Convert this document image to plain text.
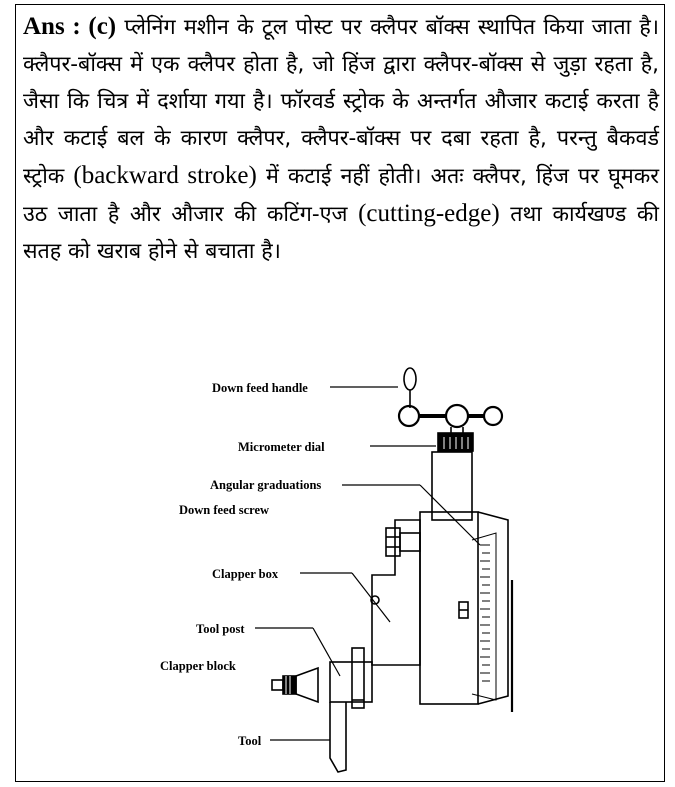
Ans : (c) प्लेनिंग मशीन के टूल पोस्ट पर क्लैपर बॉक्स स्थापित किया जाता है। क्लैपर-बॉक्स में एक क्लैपर होता है, जो हिंज द्वारा क्लैपर-बॉक्स से जुड़ा रहता है, जैसा कि चित्र में दर्शाया गया है। फॉरवर्ड स्ट्रोक के अन्तर्गत औजार कटाई करता है और कटाई बल के कारण क्लैपर, क्लैपर-बॉक्स पर दबा रहता है, परन्तु बैकवर्ड स्ट्रोक (backward stroke) में कटाई नहीं होती। अतः क्लैपर, हिंज पर घूमकर उठ जाता है और औजार की कटिंग-एज (cutting-edge) तथा कार्यखण्ड की सतह को खराब होने से बचाता है।

Down feed handle
Micrometer dial
Angular graduations
Down feed screw
Clapper box
Tool post
Clapper block
Tool
